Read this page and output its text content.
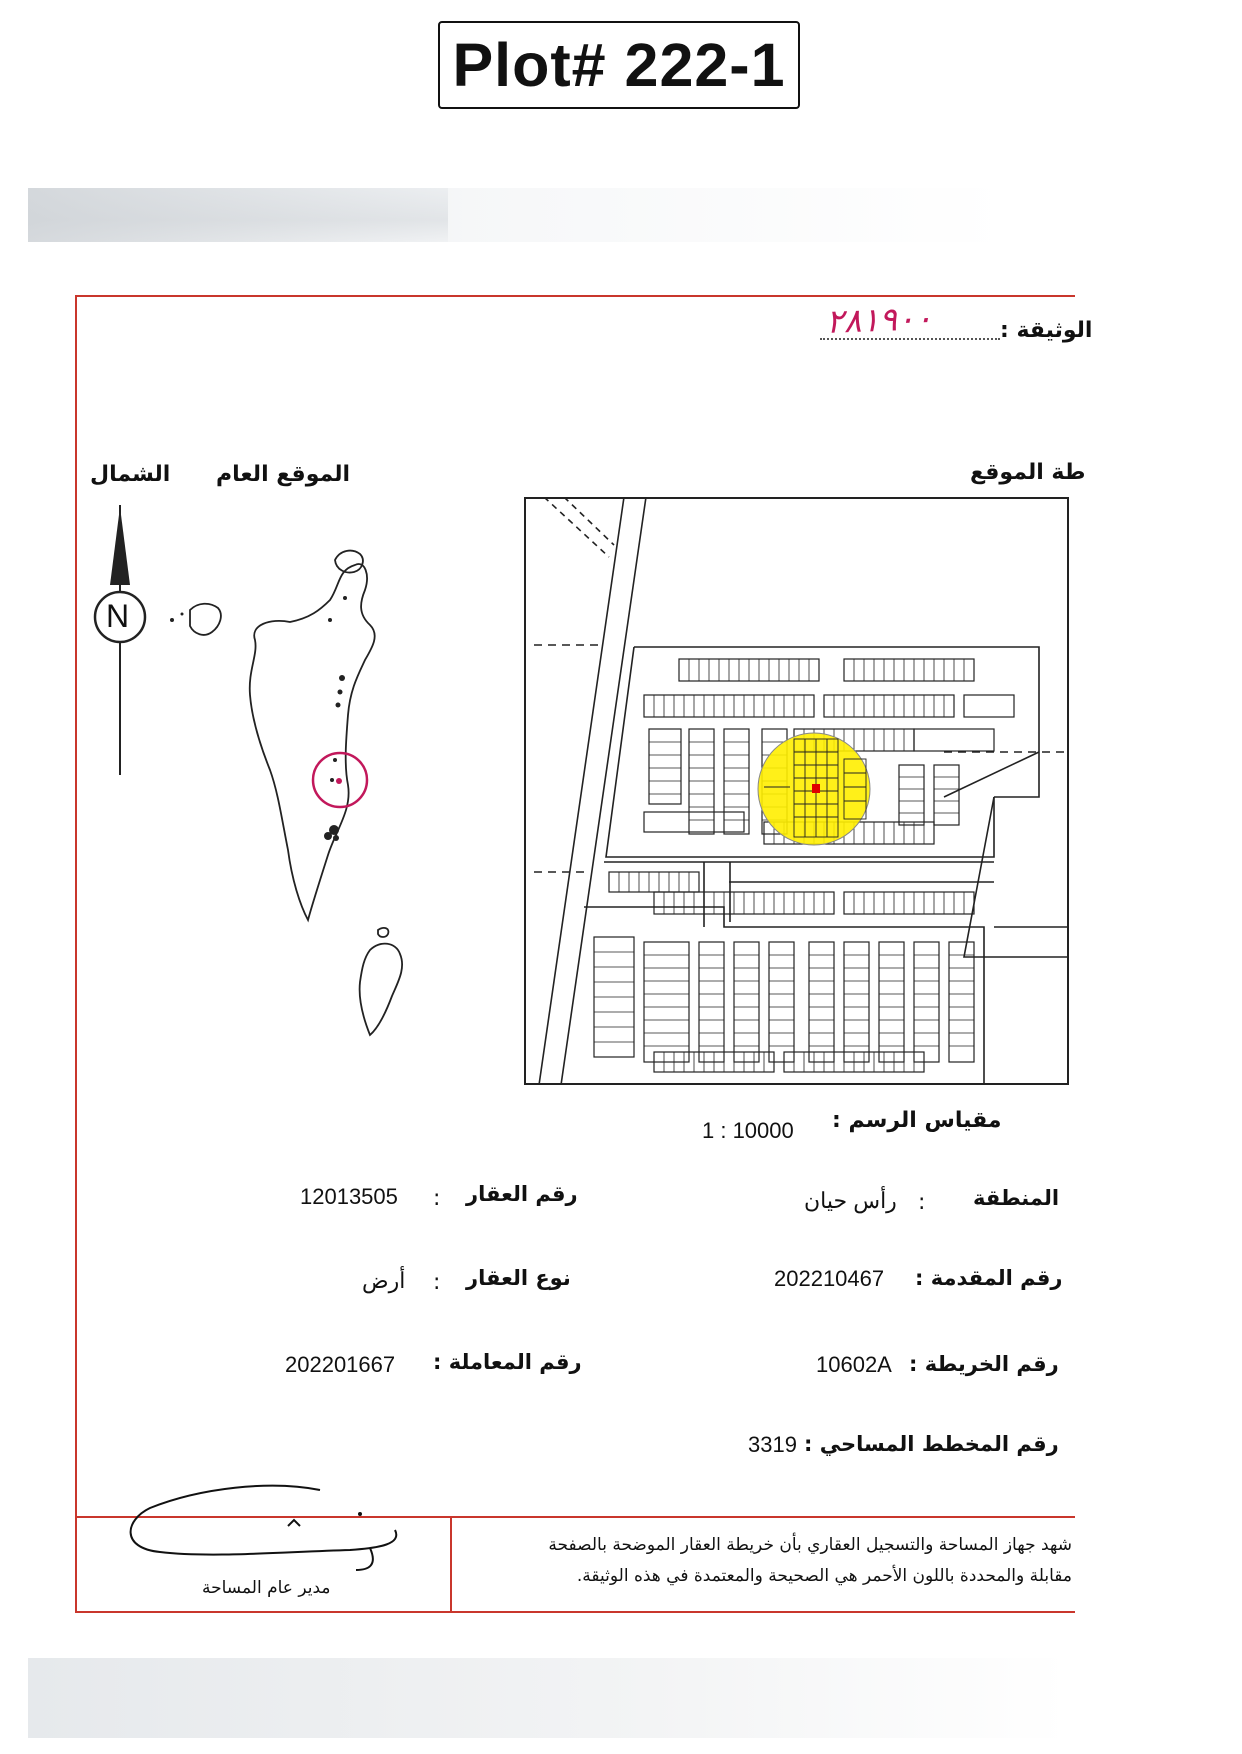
Plot# 222-1
الوثيقة :
٢٨١٩٠٠
الشمال الموقع العام	طة الموقع
N
مقياس الرسم :
1 : 10000
المنطقة
رأس حيان :
رقم العقار
:
12013505
رقم المقدمة :
202210467
نوع العقار
:
أرض
رقم الخريطة :
10602A
رقم المعاملة :
202201667
رقم المخطط المساحي :
3319
مدير عام المساحة
شهد جهاز المساحة والتسجيل العقاري بأن خريطة العقار الموضحة بالصفحة
مقابلة والمحددة باللون الأحمر هي الصحيحة والمعتمدة في هذه الوثيقة.
